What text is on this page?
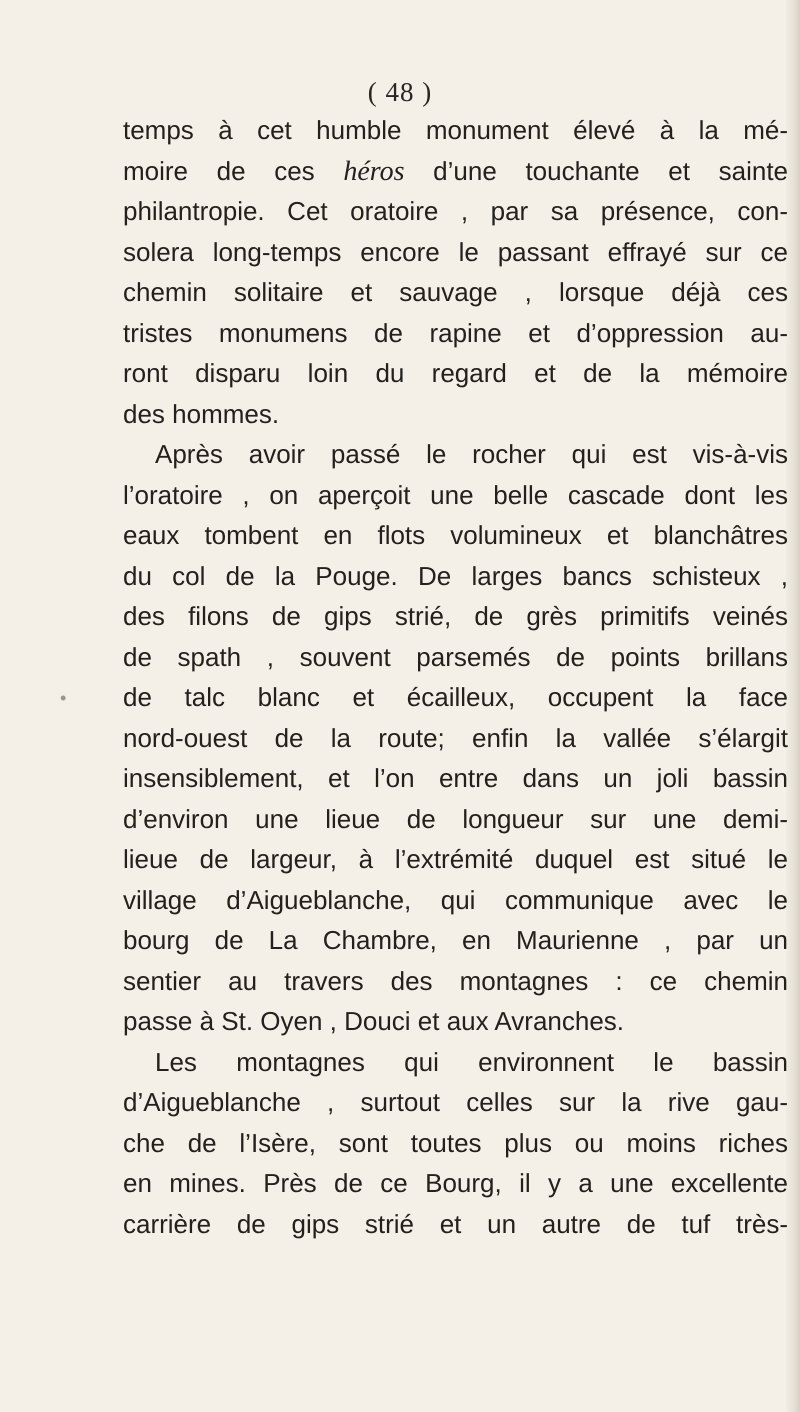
( 48 )
•
temps à cet humble monument élevé à la mé-
moire de ces héros d’une touchante et sainte
philantropie. Cet oratoire , par sa présence, con-
solera long-temps encore le passant effrayé sur ce
chemin solitaire et sauvage , lorsque déjà ces
tristes monumens de rapine et d’oppression au-
ront disparu loin du regard et de la mémoire
des hommes.
Après avoir passé le rocher qui est vis-à-vis
l’oratoire , on aperçoit une belle cascade dont les
eaux tombent en flots volumineux et blanchâtres
du col de la Pouge. De larges bancs schisteux ,
des filons de gips strié, de grès primitifs veinés
de spath , souvent parsemés de points brillans
de talc blanc et écailleux, occupent la face
nord-ouest de la route; enfin la vallée s’élargit
insensiblement, et l’on entre dans un joli bassin
d’environ une lieue de longueur sur une demi-
lieue de largeur, à l’extrémité duquel est situé le
village d’Aigueblanche, qui communique avec le
bourg de La Chambre, en Maurienne , par un
sentier au travers des montagnes : ce chemin
passe à St. Oyen , Douci et aux Avranches.
Les montagnes qui environnent le bassin
d’Aigueblanche , surtout celles sur la rive gau-
che de l’Isère, sont toutes plus ou moins riches
en mines. Près de ce Bourg, il y a une excellente
carrière de gips strié et un autre de tuf très-
